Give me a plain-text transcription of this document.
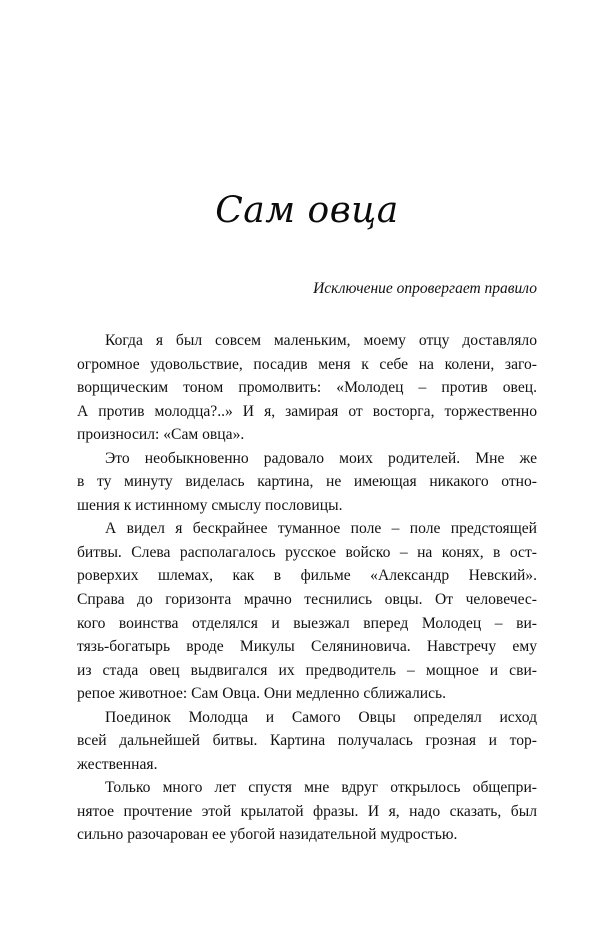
Сам овца
Исключение опровергает правило
Когда я был совсем маленьким, моему отцу доставляло
огромное удовольствие, посадив меня к себе на колени, заго-
ворщическим тоном промолвить: «Молодец – против овец.
А против молодца?..» И я, замирая от восторга, торжественно
произносил: «Сам овца».
Это необыкновенно радовало моих родителей. Мне же
в ту минуту виделась картина, не имеющая никакого отно-
шения к истинному смыслу пословицы.
А видел я бескрайнее туманное поле – поле предстоящей
битвы. Слева располагалось русское войско – на конях, в ост-
роверхих шлемах, как в фильме «Александр Невский».
Справа до горизонта мрачно теснились овцы. От человечес-
кого воинства отделялся и выезжал вперед Молодец – ви-
тязь-богатырь вроде Микулы Селяниновича. Навстречу ему
из стада овец выдвигался их предводитель – мощное и сви-
репое животное: Сам Овца. Они медленно сближались.
Поединок Молодца и Самого Овцы определял исход
всей дальнейшей битвы. Картина получалась грозная и тор-
жественная.
Только много лет спустя мне вдруг открылось общепри-
нятое прочтение этой крылатой фразы. И я, надо сказать, был
сильно разочарован ее убогой назидательной мудростью.
